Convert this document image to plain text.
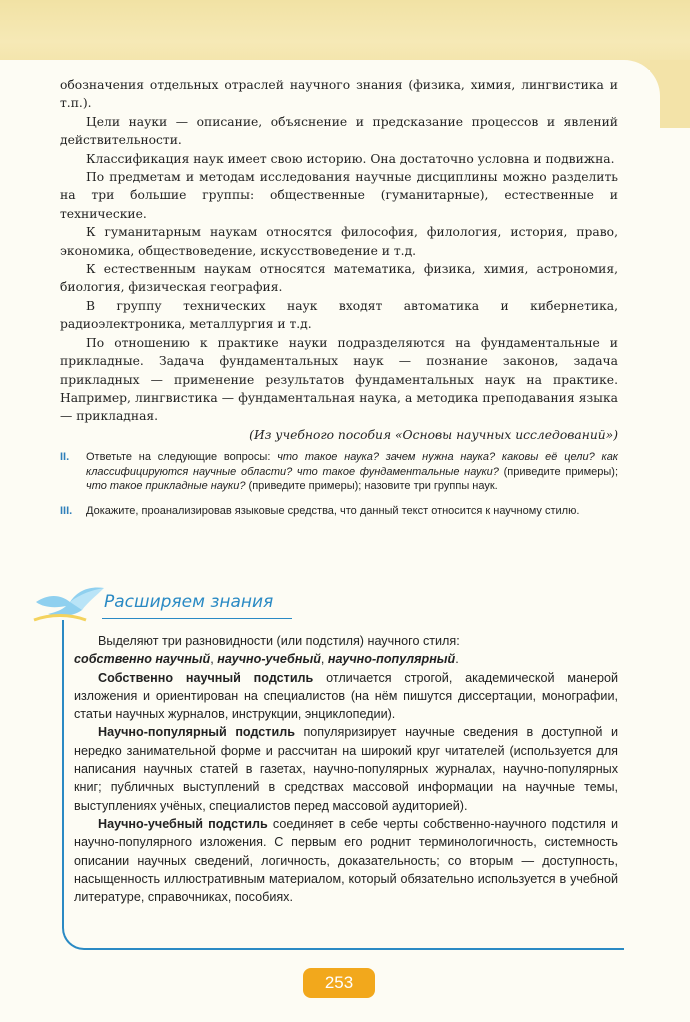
обозначения отдельных отраслей научного знания (физика, химия, лингвистика и т.п.).

Цели науки — описание, объяснение и предсказание процессов и явлений действительности.

Классификация наук имеет свою историю. Она достаточно условна и подвижна.

По предметам и методам исследования научные дисциплины можно разделить на три большие группы: общественные (гуманитарные), естественные и технические.

К гуманитарным наукам относятся философия, филология, история, право, экономика, обществоведение, искусствоведение и т.д.

К естественным наукам относятся математика, физика, химия, астрономия, биология, физическая география.

В группу технических наук входят автоматика и кибернетика, радиоэлектроника, металлургия и т.д.

По отношению к практике науки подразделяются на фундаментальные и прикладные. Задача фундаментальных наук — познание законов, задача прикладных — применение результатов фундаментальных наук на практике. Например, лингвистика — фундаментальная наука, а методика преподавания языка — прикладная.

(Из учебного пособия «Основы научных исследований»)

II. Ответьте на следующие вопросы: что такое наука? зачем нужна наука? каковы её цели? как классифицируются научные области? что такое фундаментальные науки? (приведите примеры); что такое прикладные науки? (приведите примеры); назовите три группы наук.
III. Докажите, проанализировав языковые средства, что данный текст относится к научному стилю.
Расширяем знания

Выделяют три разновидности (или подстиля) научного стиля:
собственно научный, научно-учебный, научно-популярный.

Собственно научный подстиль отличается строгой, академической манерой изложения и ориентирован на специалистов (на нём пишутся диссертации, монографии, статьи научных журналов, инструкции, энциклопедии).

Научно-популярный подстиль популяризирует научные сведения в доступной и нередко занимательной форме и рассчитан на широкий круг читателей (используется для написания научных статей в газетах, научно-популярных журналах, научно-популярных книг; публичных выступлений в средствах массовой информации на научные темы, выступлениях учёных, специалистов перед массовой аудиторией).

Научно-учебный подстиль соединяет в себе черты собственно-научного подстиля и научно-популярного изложения. С первым его роднит терминологичность, системность описании научных сведений, логичность, доказательность; со вторым — доступность, насыщенность иллюстративным материалом, который обязательно используется в учебной литературе, справочниках, пособиях.

253
